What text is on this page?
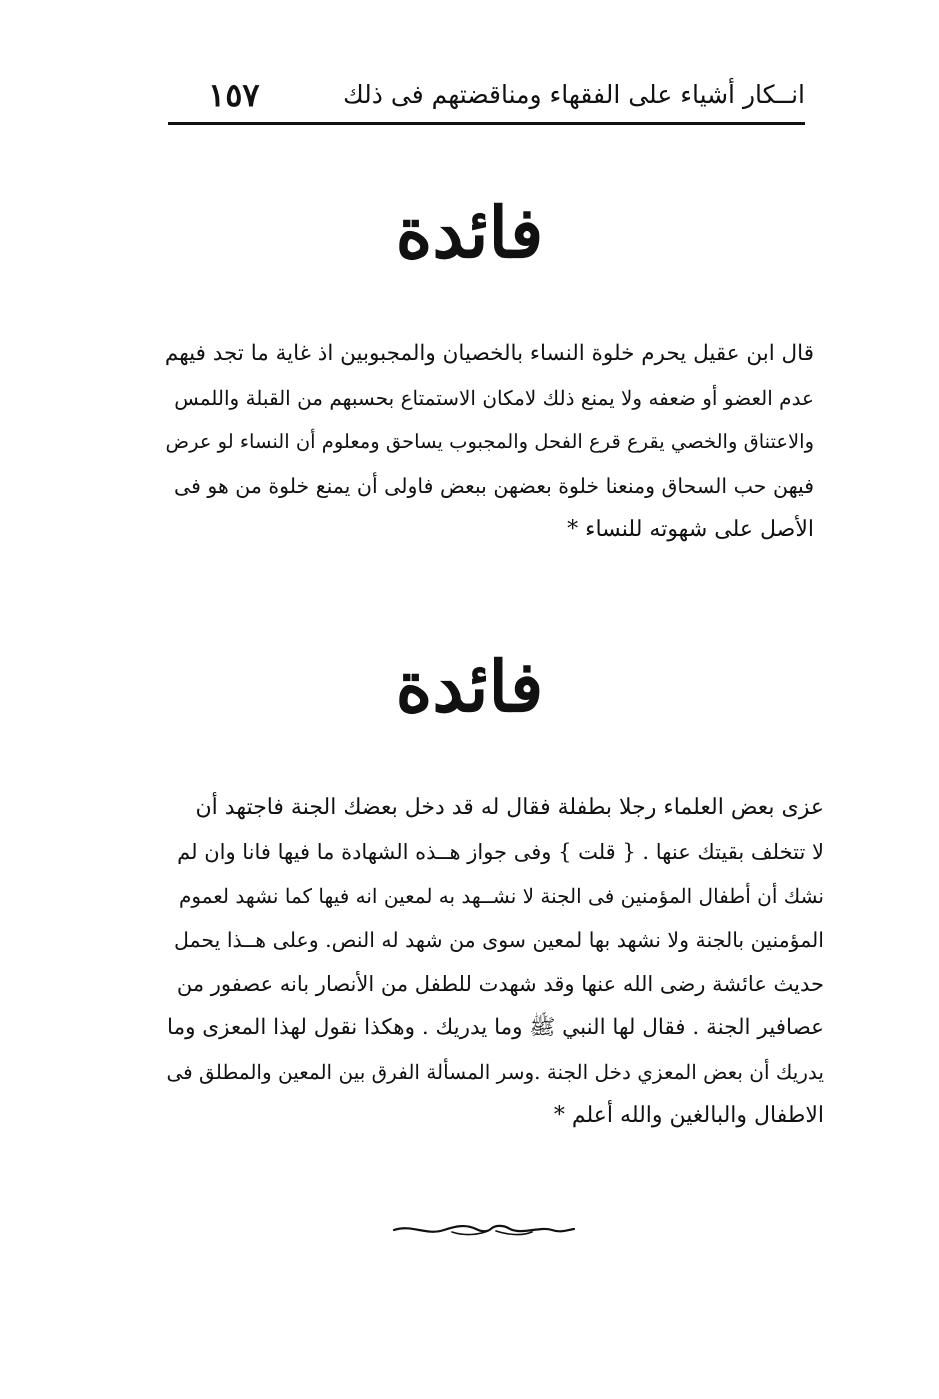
انــكار أشياء على الفقهاء ومناقضتهم فى ذلك
١٥٧
فائدة
قال ابن عقيل يحرم خلوة النساء بالخصيان والمجبوبين اذ غاية ما تجد فيهم
عدم العضو أو ضعفه ولا يمنع ذلك لامكان الاستمتاع بحسبهم من القبلة واللمس
والاعتناق والخصي يقرع قرع الفحل والمجبوب يساحق ومعلوم أن النساء لو عرض
فيهن حب السحاق ومنعنا خلوة بعضهن ببعض فاولى أن يمنع خلوة من هو فى
الأصل على شهوته للنساء *
فائدة
عزى بعض العلماء رجلا بطفلة فقال له قد دخل بعضك الجنة فاجتهد أن
لا تتخلف بقيتك عنها . { قلت } وفى جواز هــذه الشهادة ما فيها فانا وان لم
نشك أن أطفال المؤمنين فى الجنة لا نشــهد به لمعين انه فيها كما نشهد لعموم
المؤمنين بالجنة ولا نشهد بها لمعين سوى من شهد له النص. وعلى هــذا يحمل
حديث عائشة رضى الله عنها وقد شهدت للطفل من الأنصار بانه عصفور من
عصافير الجنة . فقال لها النبي ﷺ وما يدريك . وهكذا نقول لهذا المعزى وما
يدريك أن بعض المعزي دخل الجنة .وسر المسألة الفرق بين المعين والمطلق فى
الاطفال والبالغين والله أعلم *
